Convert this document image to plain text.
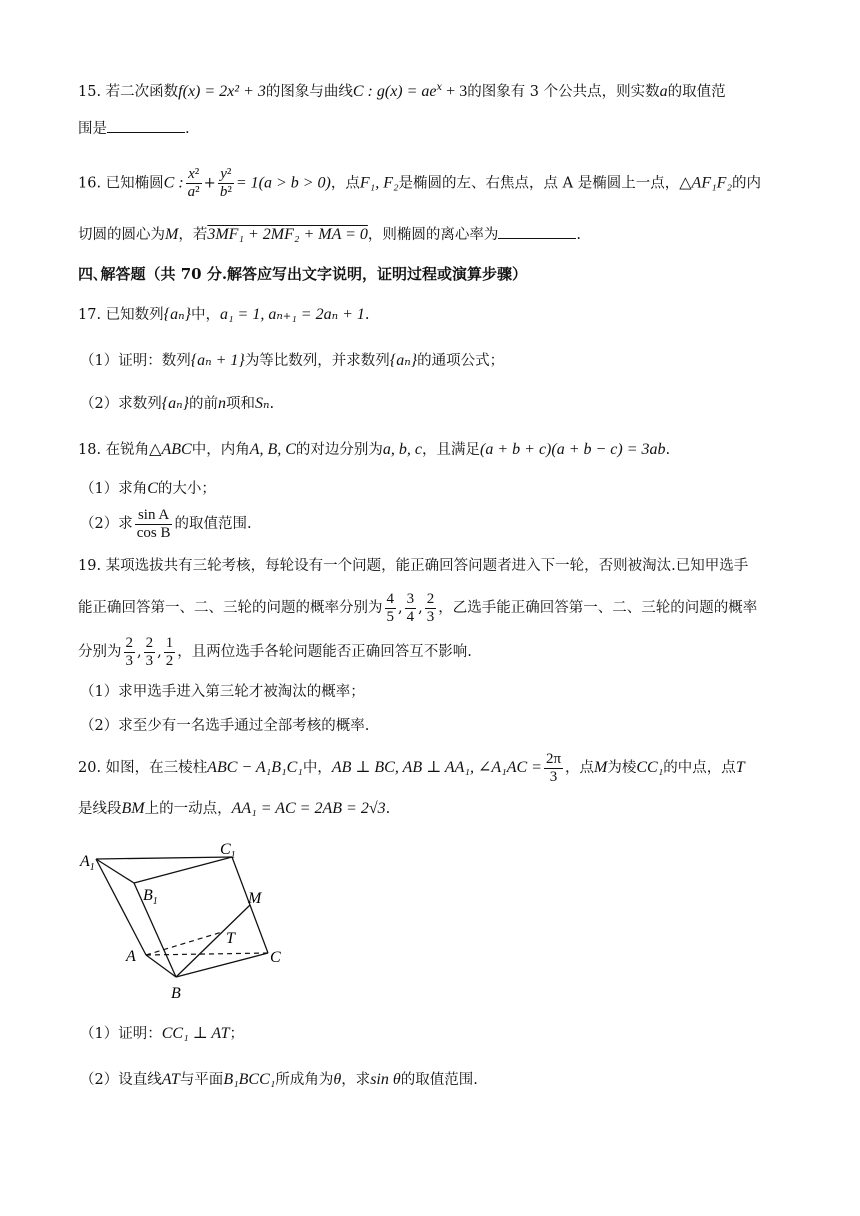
15. 若二次函数f(x) = 2x² + 3的图象与曲线C : $g(x) = ae^x + 3$的图象有 3 个公共点，则实数a的取值范
围是	.
16. 已知椭圆C : $\frac{\text{x²}}{\text{a²}} + \frac{\text{y²}}{\text{b²}} = 1(a > b > 0)$，点F₁, F₂是椭圆的左、右焦点，点 A 是椭圆上一点，△AF₁F₂的内
切圆的圆心为M，若3MF₁ + 2MF₂ + MA = 0，则椭圆的离心率为	.
四､解答题（共 70 分.解答应写出文字说明，证明过程或演算步骤）
17. 已知数列{aₙ}中，a₁ = 1, aₙ₊₁ = 2aₙ + 1.
（1）证明：数列{aₙ + 1}为等比数列，并求数列{aₙ}的通项公式；
（2）求数列{aₙ}的前n项和Sₙ.
18. 在锐角△ABC中，内角A, B, C的对边分别为a, b, c，且满足(a + b + c)(a + b − c) = 3ab.
（1）求角C的大小；
（2）求 $\frac{\text{sin A}}{\text{cos B}}$ 的取值范围.
19. 某项选拔共有三轮考核，每轮设有一个问题，能正确回答问题者进入下一轮，否则被淘汰.已知甲选手
能正确回答第一、二、三轮的问题的概率分别为 $\frac{4}{5}$ , $\frac{3}{4}$ , $\frac{2}{3}$ ，乙选手能正确回答第一、二、三轮的问题的概率
分别为 $\frac{2}{3}$ , $\frac{2}{3}$ , $\frac{1}{2}$ ，且两位选手各轮问题能否正确回答互不影响.
（1）求甲选手进入第三轮才被淘汰的概率；
（2）求至少有一名选手通过全部考核的概率.
20. 如图，在三棱柱ABC − A₁B₁C₁中，AB ⊥ BC, AB ⊥ AA₁, ∠A₁AC = $\frac{2\pi}{3}$ ，点M为棱CC₁的中点，点T
是线段BM上的一动点，AA₁ = AC = 2AB = 2√3.
$A_1$
$C_1$
$B_1$	M
T
A	C
B
（1）证明：CC₁ ⊥ AT；
（2）设直线AT与平面B₁BCC₁所成角为θ，求sin θ的取值范围.
